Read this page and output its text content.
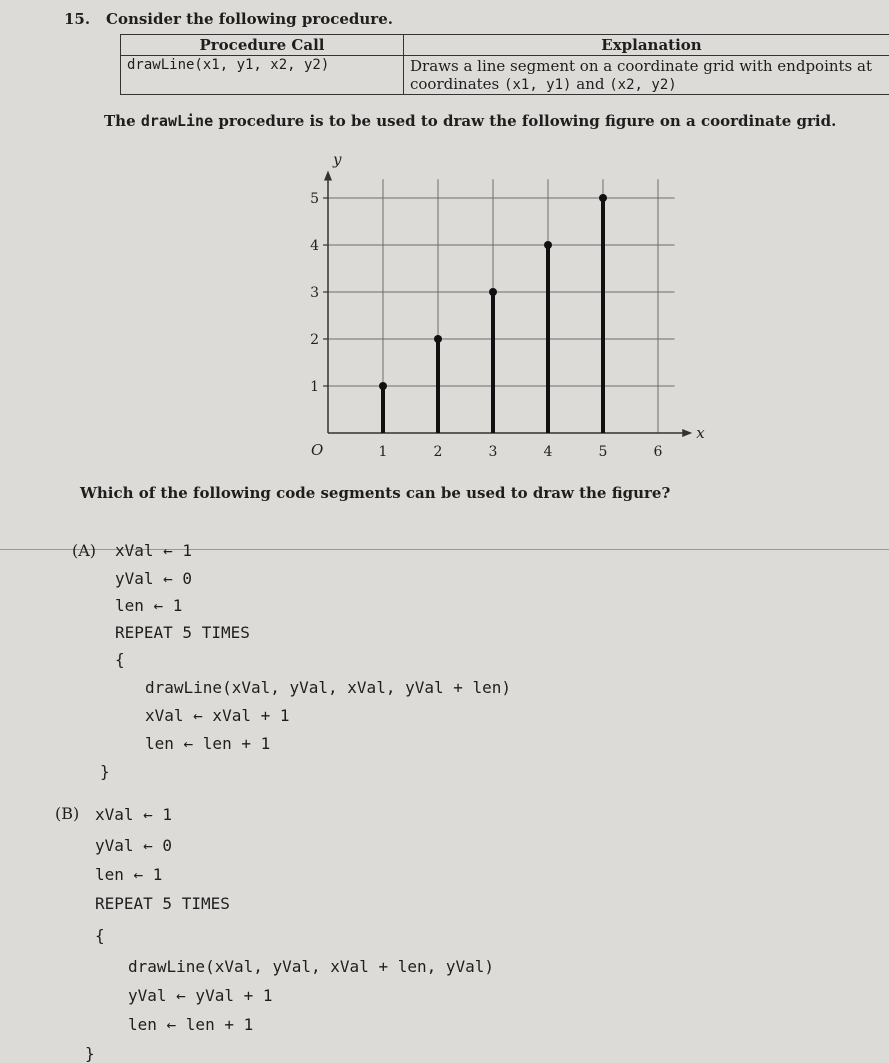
15. Consider the following procedure.
Procedure Call	Explanation
drawLine(x1, y1, x2, y2)	Draws a line segment on a coordinate grid with endpoints at
coordinates (x1, y1) and (x2, y2)
The drawLine procedure is to be used to draw the following figure on a coordinate grid.
1
2
3
4
5
1	2	3	4	5	6
O
y
x
Which of the following code segments can be used to draw the figure?
(A) xVal ← 1
yVal ← 0
len ← 1
REPEAT 5 TIMES
{
drawLine(xVal, yVal, xVal, yVal + len)
xVal ← xVal + 1
len ← len + 1
}
(B) xVal ← 1
yVal ← 0
len ← 1
REPEAT 5 TIMES
{
drawLine(xVal, yVal, xVal + len, yVal)
yVal ← yVal + 1
len ← len + 1
}
